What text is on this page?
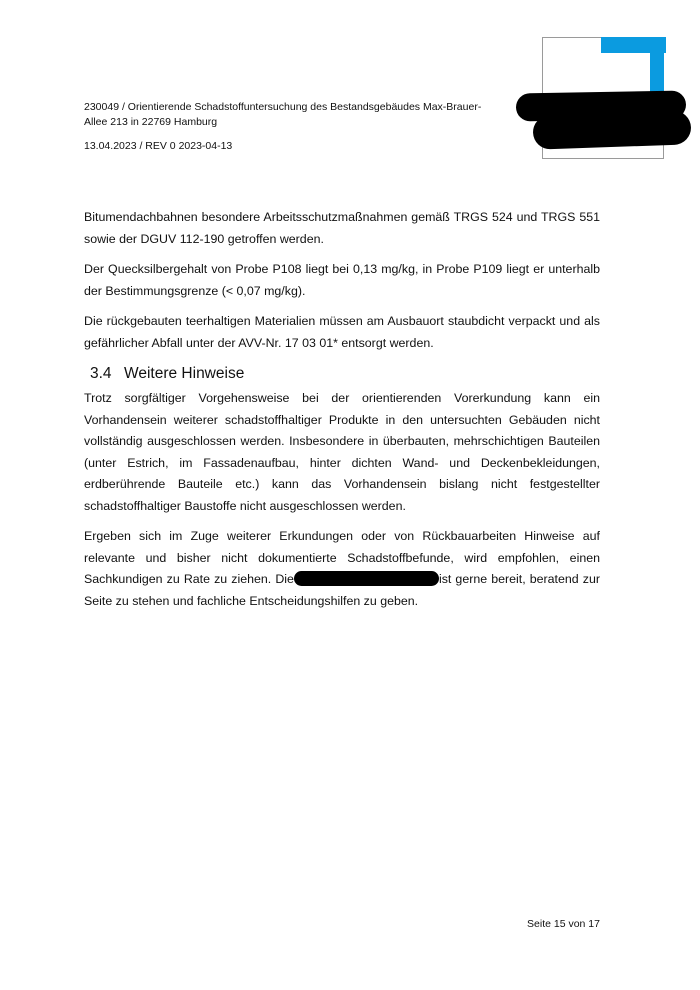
230049 / Orientierende Schadstoffuntersuchung des Bestandsgebäudes Max-Brauer-Allee 213 in 22769 Hamburg
13.04.2023 / REV 0 2023-04-13

Bitumendachbahnen besondere Arbeitsschutzmaßnahmen gemäß TRGS 524 und TRGS 551 sowie der DGUV 112-190 getroffen werden.

Der Quecksilbergehalt von Probe P108 liegt bei 0,13 mg/kg, in Probe P109 liegt er unterhalb der Bestimmungsgrenze (< 0,07 mg/kg).

Die rückgebauten teerhaltigen Materialien müssen am Ausbauort staubdicht verpackt und als gefährlicher Abfall unter der AVV-Nr. 17 03 01* entsorgt werden.

3.4 Weitere Hinweise

Trotz sorgfältiger Vorgehensweise bei der orientierenden Vorerkundung kann ein Vorhandensein weiterer schadstoffhaltiger Produkte in den untersuchten Gebäuden nicht vollständig ausgeschlossen werden. Insbesondere in überbauten, mehrschichtigen Bauteilen (unter Estrich, im Fassadenaufbau, hinter dichten Wand- und Deckenbekleidungen, erdberührende Bauteile etc.) kann das Vorhandensein bislang nicht festgestellter schadstoffhaltiger Baustoffe nicht ausgeschlossen werden.

Ergeben sich im Zuge weiterer Erkundungen oder von Rückbauarbeiten Hinweise auf relevante und bisher nicht dokumentierte Schadstoffbefunde, wird empfohlen, einen Sachkundigen zu Rate zu ziehen. Die	ist gerne bereit, beratend zur Seite zu stehen und fachliche Entscheidungshilfen zu geben.

Seite 15 von 17
